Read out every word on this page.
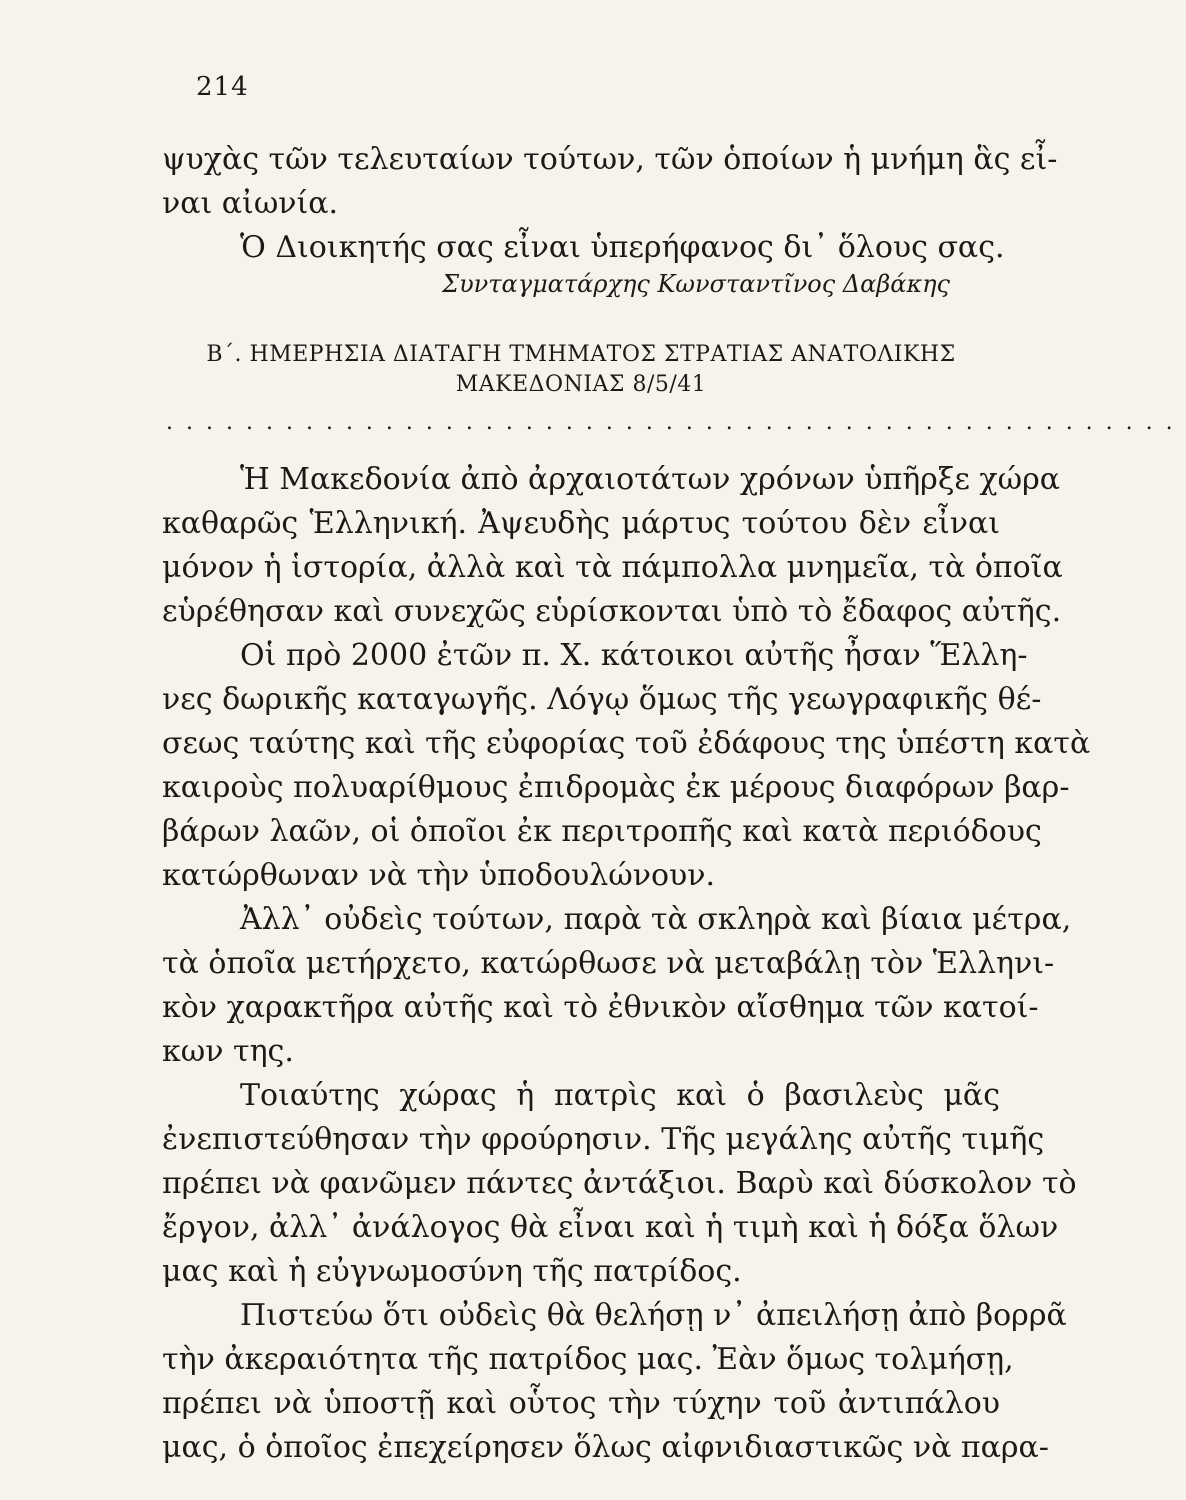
214
ψυχὰς τῶν τελευταίων τούτων, τῶν ὁποίων ἡ μνήμη ἃς εἶ-
ναι αἰωνία.
Ὁ Διοικητής σας εἶναι ὑπερήφανος δι᾿ ὅλους σας.
Συνταγματάρχης Κωνσταντῖνος Δαβάκης
Β΄. ΗΜΕΡΗΣΙΑ ΔΙΑΤΑΓΗ ΤΜΗΜΑΤΟΣ ΣΤΡΑΤΙΑΣ ΑΝΑΤΟΛΙΚΗΣ
ΜΑΚΕΔΟΝΙΑΣ 8/5/41
...................................................
Ἡ Μακεδονία ἀπὸ ἀρχαιοτάτων χρόνων ὑπῆρξε χώρα
καθαρῶς Ἑλληνική. Ἀψευδὴς μάρτυς τούτου δὲν εἶναι
μόνον ἡ ἱστορία, ἀλλὰ καὶ τὰ πάμπολλα μνημεῖα, τὰ ὁποῖα
εὑρέθησαν καὶ συνεχῶς εὑρίσκονται ὑπὸ τὸ ἔδαφος αὐτῆς.
Οἱ πρὸ 2000 ἐτῶν π. Χ. κάτοικοι αὐτῆς ἦσαν Ἕλλη-
νες δωρικῆς καταγωγῆς. Λόγῳ ὅμως τῆς γεωγραφικῆς θέ-
σεως ταύτης καὶ τῆς εὐφορίας τοῦ ἐδάφους της ὑπέστη κατὰ
καιροὺς πολυαρίθμους ἐπιδρομὰς ἐκ μέρους διαφόρων βαρ-
βάρων λαῶν, οἱ ὁποῖοι ἐκ περιτροπῆς καὶ κατὰ περιόδους
κατώρθωναν νὰ τὴν ὑποδουλώνουν.
Ἀλλ᾿ οὐδεὶς τούτων, παρὰ τὰ σκληρὰ καὶ βίαια μέτρα,
τὰ ὁποῖα μετήρχετο, κατώρθωσε νὰ μεταβάλῃ τὸν Ἑλληνι-
κὸν χαρακτῆρα αὐτῆς καὶ τὸ ἐθνικὸν αἴσθημα τῶν κατοί-
κων της.
Τοιαύτης χώρας ἡ πατρὶς καὶ ὁ βασιλεὺς μᾶς
ἐνεπιστεύθησαν τὴν φρούρησιν. Τῆς μεγάλης αὐτῆς τιμῆς
πρέπει νὰ φανῶμεν πάντες ἀντάξιοι. Βαρὺ καὶ δύσκολον τὸ
ἔργον, ἀλλ᾿ ἀνάλογος θὰ εἶναι καὶ ἡ τιμὴ καὶ ἡ δόξα ὅλων
μας καὶ ἡ εὐγνωμοσύνη τῆς πατρίδος.
Πιστεύω ὅτι οὐδεὶς θὰ θελήσῃ ν᾿ ἀπειλήσῃ ἀπὸ βορρᾶ
τὴν ἀκεραιότητα τῆς πατρίδος μας. Ἐὰν ὅμως τολμήσῃ,
πρέπει νὰ ὑποστῇ καὶ οὗτος τὴν τύχην τοῦ ἀντιπάλου
μας, ὁ ὁποῖος ἐπεχείρησεν ὅλως αἰφνιδιαστικῶς νὰ παρα-
